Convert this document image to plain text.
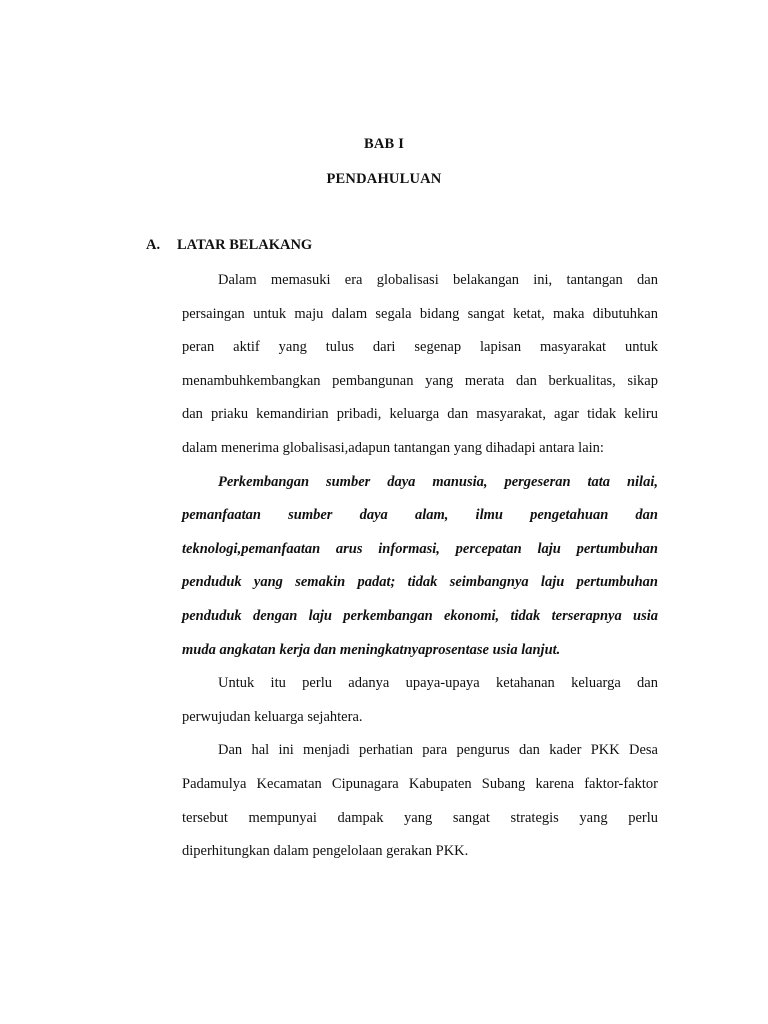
BAB I
PENDAHULUAN
A. LATAR BELAKANG
Dalam memasuki era globalisasi belakangan ini, tantangan dan
persaingan untuk maju dalam segala bidang sangat ketat, maka dibutuhkan
peran aktif yang tulus dari segenap lapisan masyarakat untuk
menambuhkembangkan pembangunan yang merata dan berkualitas, sikap
dan priaku kemandirian pribadi, keluarga dan masyarakat, agar tidak keliru
dalam menerima globalisasi,adapun tantangan yang dihadapi antara lain:
Perkembangan sumber daya manusia, pergeseran tata nilai,
pemanfaatan sumber daya alam, ilmu pengetahuan dan
teknologi,pemanfaatan arus informasi, percepatan laju pertumbuhan
penduduk yang semakin padat; tidak seimbangnya laju pertumbuhan
penduduk dengan laju perkembangan ekonomi, tidak terserapnya usia
muda angkatan kerja dan meningkatnyaprosentase usia lanjut.
Untuk itu perlu adanya upaya-upaya ketahanan keluarga dan
perwujudan keluarga sejahtera.
Dan hal ini menjadi perhatian para pengurus dan kader PKK Desa
Padamulya Kecamatan Cipunagara Kabupaten Subang karena faktor-faktor
tersebut mempunyai dampak yang sangat strategis yang perlu
diperhitungkan dalam pengelolaan gerakan PKK.
